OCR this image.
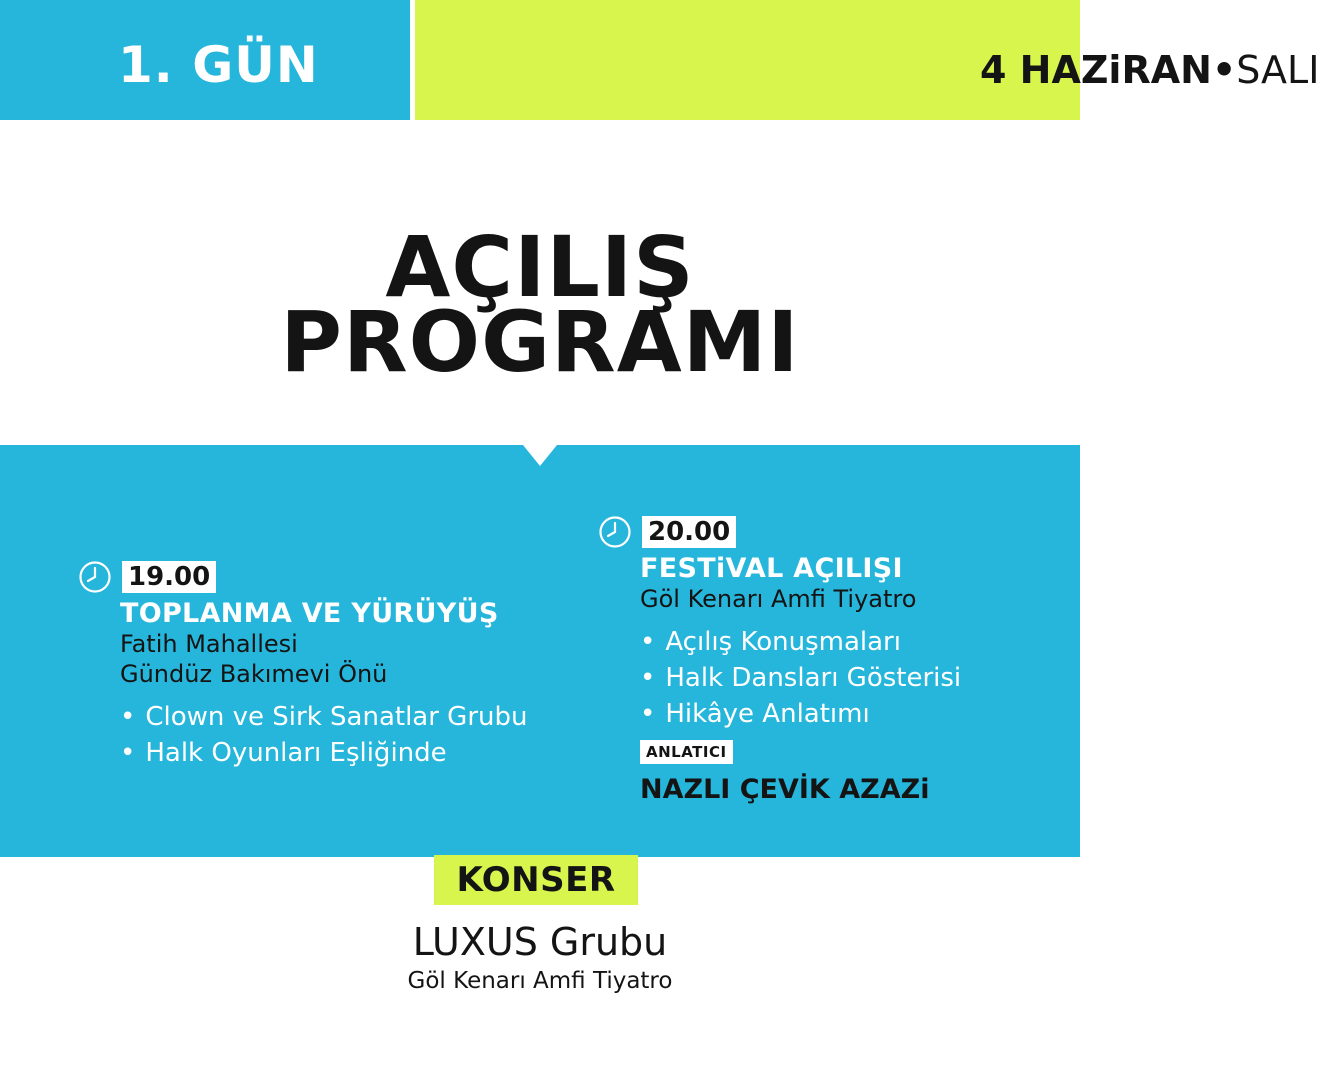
1. GÜN	4 HAZiRAN•SALI
AÇILIŞ
PROGRAMI
19.00
TOPLANMA VE YÜRÜYÜŞ
Fatih Mahallesi
Gündüz Bakımevi Önü
• Clown ve Sirk Sanatlar Grubu
• Halk Oyunları Eşliğinde
20.00
FESTiVAL AÇILIŞI
Göl Kenarı Amfi Tiyatro
• Açılış Konuşmaları
• Halk Dansları Gösterisi
• Hikâye Anlatımı
ANLATICI
NAZLI ÇEVİK AZAZi
KONSER
LUXUS Grubu
Göl Kenarı Amfi Tiyatro
